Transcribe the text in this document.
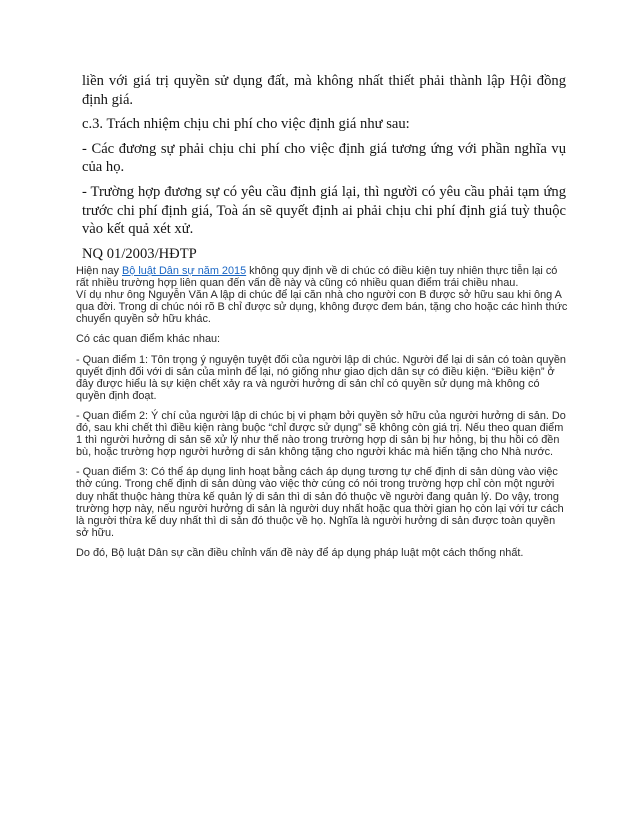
liền với giá trị quyền sử dụng đất, mà không nhất thiết phải thành lập Hội đồng định giá.

c.3. Trách nhiệm chịu chi phí cho việc định giá như sau:

- Các đương sự phải chịu chi phí cho việc định giá tương ứng với phần nghĩa vụ của họ.

- Trường hợp đương sự có yêu cầu định giá lại, thì người có yêu cầu phải tạm ứng trước chi phí định giá, Toà án sẽ quyết định ai phải chịu chi phí định giá tuỳ thuộc vào kết quả xét xử.

NQ 01/2003/HĐTP

Hiện nay Bộ luật Dân sự năm 2015 không quy định về di chúc có điều kiện tuy nhiên thực tiễn lại có rất nhiều trường hợp liên quan đến vấn đề này và cũng có nhiều quan điểm trái chiều nhau.

Ví dụ như ông Nguyễn Văn A lập di chúc để lại căn nhà cho người con B được sở hữu sau khi ông A qua đời. Trong di chúc nói rõ B chỉ được sử dụng, không được đem bán, tặng cho hoặc các hình thức chuyển quyền sở hữu khác.

Có các quan điểm khác nhau:

- Quan điểm 1: Tôn trọng ý nguyện tuyệt đối của người lập di chúc. Người để lại di sản có toàn quyền quyết định đối với di sản của mình để lại, nó giống như giao dịch dân sự có điều kiện. “Điều kiện” ở đây được hiểu là sự kiện chết xảy ra và người hưởng di sản chỉ có quyền sử dụng mà không có quyền định đoạt.

- Quan điểm 2: Ý chí của người lập di chúc bị vi phạm bởi quyền sở hữu của người hưởng di sản. Do đó, sau khi chết thì điều kiện ràng buộc “chỉ được sử dụng” sẽ không còn giá trị. Nếu theo quan điểm 1 thì người hưởng di sản sẽ xử lý như thế nào trong trường hợp di sản bị hư hỏng, bị thu hồi có đền bù, hoặc trường hợp người hưởng di sản không tặng cho người khác mà hiến tặng cho Nhà nước.

- Quan điểm 3: Có thể áp dụng linh hoạt bằng cách áp dụng tương tự chế định di sản dùng vào việc thờ cúng. Trong chế định di sản dùng vào việc thờ cúng có nói trong trường hợp chỉ còn một người duy nhất thuộc hàng thừa kế quản lý di sản thì di sản đó thuộc về người đang quản lý. Do vậy, trong trường hợp này, nếu người hưởng di sản là người duy nhất hoặc qua thời gian họ còn lại với tư cách là người thừa kế duy nhất thì di sản đó thuộc về họ. Nghĩa là người hưởng di sản được toàn quyền sở hữu.

Do đó, Bộ luật Dân sự cần điều chỉnh vấn đề này để áp dụng pháp luật một cách thống nhất.
